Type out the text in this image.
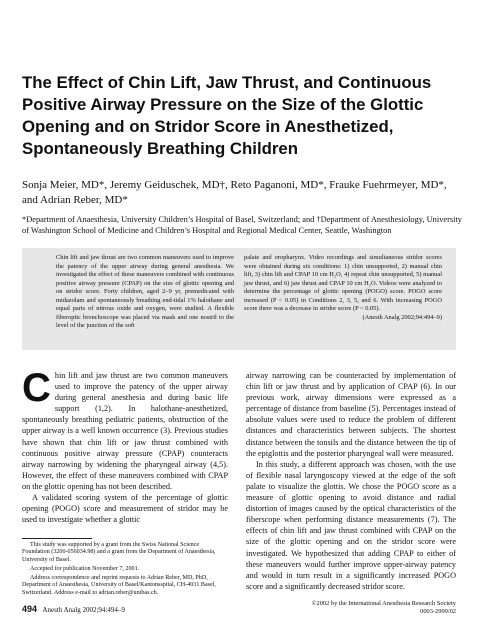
The Effect of Chin Lift, Jaw Thrust, and Continuous Positive Airway Pressure on the Size of the Glottic Opening and on Stridor Score in Anesthetized, Spontaneously Breathing Children

Sonja Meier, MD*, Jeremy Geiduschek, MD†, Reto Paganoni, MD*, Frauke Fuehrmeyer, MD*, and Adrian Reber, MD*

*Department of Anaesthesia, University Children’s Hospital of Basel, Switzerland; and †Department of Anesthesiology, University of Washington School of Medicine and Children’s Hospital and Regional Medical Center, Seattle, Washington

Chin lift and jaw thrust are two common maneuvers used to improve the patency of the upper airway during general anesthesia. We investigated the effect of these maneuvers combined with continuous positive airway pressure (CPAP) on the size of glottic opening and on stridor score. Forty children, aged 2–9 yr, premedicated with midazolam and spontaneously breathing end-tidal 1% halothane and equal parts of nitrous oxide and oxygen, were studied. A flexible fiberoptic bronchoscope was placed via mask and one nostril to the level of the junction of the soft
palate and oropharynx. Video recordings and simultaneous stridor scores were obtained during six conditions: 1) chin unsupported, 2) manual chin lift, 3) chin lift and CPAP 10 cm H₂O, 4) repeat chin unsupported, 5) manual jaw thrust, and 6) jaw thrust and CPAP 10 cm H₂O. Videos were analyzed to determine the percentage of glottic opening (POGO) score. POGO score increased (P < 0.05) in Conditions 2, 3, 5, and 6. With increasing POGO score there was a decrease in stridor score (P < 0.05).
(Anesth Analg 2002;94:494–9)

Chin lift and jaw thrust are two common maneuvers used to improve the patency of the upper airway during general anesthesia and during basic life support (1,2). In halothane-anesthetized, spontaneously breathing pediatric patients, obstruction of the upper airway is a well known occurrence (3). Previous studies have shown that chin lift or jaw thrust combined with continuous positive airway pressure (CPAP) counteracts airway narrowing by widening the pharyngeal airway (4,5). However, the effect of these maneuvers combined with CPAP on the glottic opening has not been described.

A validated scoring system of the percentage of glottic opening (POGO) score and measurement of stridor may be used to investigate whether a glottic

airway narrowing can be counteracted by implementation of chin lift or jaw thrust and by application of CPAP (6). In our previous work, airway dimensions were expressed as a percentage of distance from baseline (5). Percentages instead of absolute values were used to reduce the problem of different distances and characteristics between subjects. The shortest distance between the tonsils and the distance between the tip of the epiglottis and the posterior pharyngeal wall were measured.

In this study, a different approach was chosen, with the use of flexible nasal laryngoscopy viewed at the edge of the soft palate to visualize the glottis. We chose the POGO score as a measure of glottic opening to avoid distance and radial distortion of images caused by the optical characteristics of the fiberscope when performing distance measurements (7). The effects of chin lift and jaw thrust combined with CPAP on the size of the glottic opening and on the stridor score were investigated. We hypothesized that adding CPAP to either of these maneuvers would further improve upper-airway patency and would in turn result in a significantly increased POGO score and a significantly decreased stridor score.

This study was supported by a grant from the Swiss National Science Foundation (3200-056034.98) and a grant from the Department of Anaesthesia, University of Basel.

Accepted for publication November 7, 2001.

Address correspondence and reprint requests to Adrian Reber, MD, PhD, Department of Anaesthesia, University of Basel/Kantonsspital, CH-4031 Basel, Switzerland. Address e-mail to adrian.reber@unibas.ch.

494 Anesth Analg 2002;94:494–9
©2002 by the International Anesthesia Research Society
0003-2999/02
